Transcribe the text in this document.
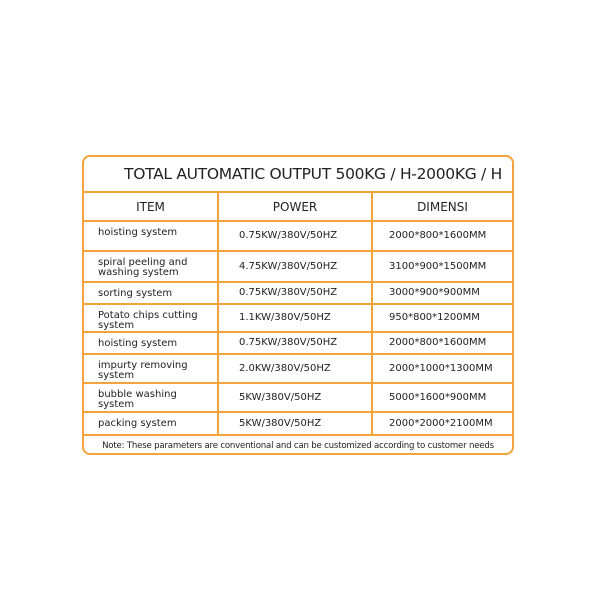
TOTAL AUTOMATIC OUTPUT 500KG / H-2000KG / H
ITEM	POWER	DIMENSI
hoisting system	0.75KW/380V/50HZ	2000*800*1600MM
spiral peeling and washing system	4.75KW/380V/50HZ	3100*900*1500MM
sorting system	0.75KW/380V/50HZ	3000*900*900MM
Potato chips cutting system	1.1KW/380V/50HZ	950*800*1200MM
hoisting system	0.75KW/380V/50HZ	2000*800*1600MM
impurty removing system	2.0KW/380V/50HZ	2000*1000*1300MM
bubble washing system	5KW/380V/50HZ	5000*1600*900MM
packing system	5KW/380V/50HZ	2000*2000*2100MM
Note: These parameters are conventional and can be customized according to customer needs
